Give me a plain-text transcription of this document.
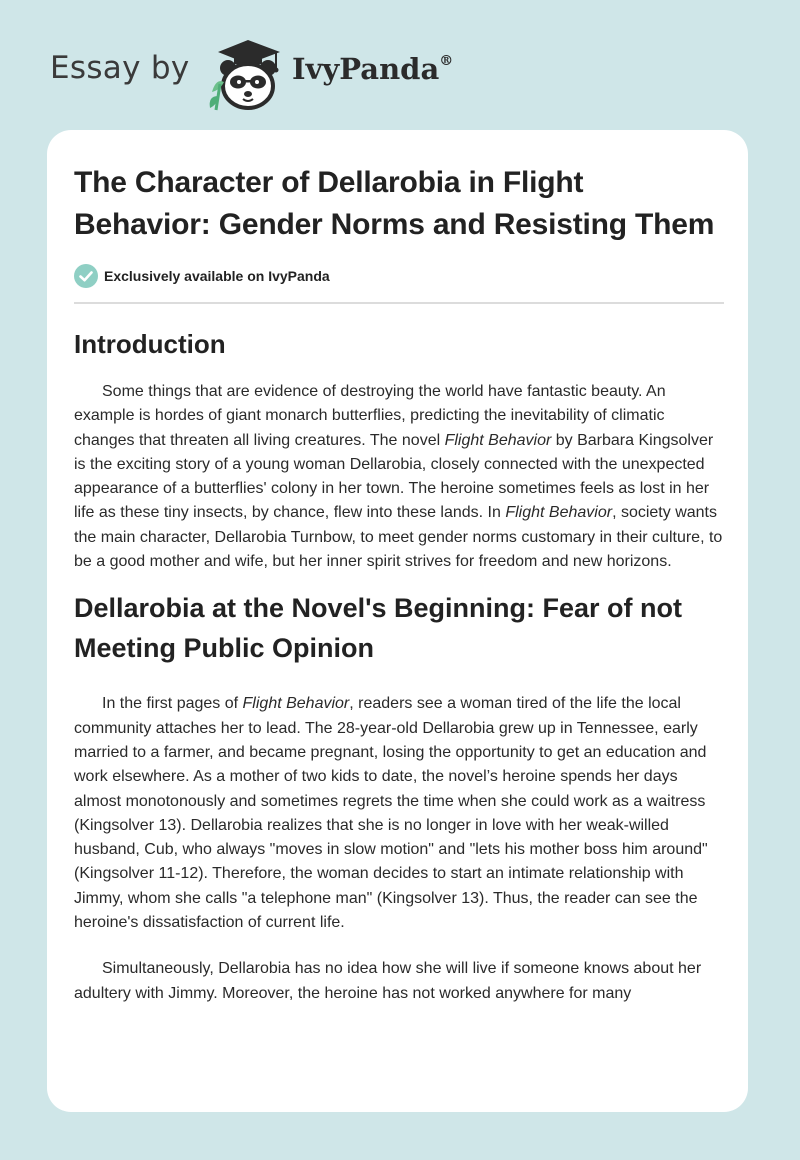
Essay by	IvyPanda®
The Character of Dellarobia in Flight Behavior: Gender Norms and Resisting Them
Exclusively available on IvyPanda
Introduction

Some things that are evidence of destroying the world have fantastic beauty. An example is hordes of giant monarch butterflies, predicting the inevitability of climatic changes that threaten all living creatures. The novel Flight Behavior by Barbara Kingsolver is the exciting story of a young woman Dellarobia, closely connected with the unexpected appearance of a butterflies' colony in her town. The heroine sometimes feels as lost in her life as these tiny insects, by chance, flew into these lands. In Flight Behavior, society wants the main character, Dellarobia Turnbow, to meet gender norms customary in their culture, to be a good mother and wife, but her inner spirit strives for freedom and new horizons.

Dellarobia at the Novel's Beginning: Fear of not Meeting Public Opinion

In the first pages of Flight Behavior, readers see a woman tired of the life the local community attaches her to lead. The 28-year-old Dellarobia grew up in Tennessee, early married to a farmer, and became pregnant, losing the opportunity to get an education and work elsewhere. As a mother of two kids to date, the novel’s heroine spends her days almost monotonously and sometimes regrets the time when she could work as a waitress (Kingsolver 13). Dellarobia realizes that she is no longer in love with her weak-willed husband, Cub, who always "moves in slow motion" and "lets his mother boss him around" (Kingsolver 11-12). Therefore, the woman decides to start an intimate relationship with Jimmy, whom she calls "a telephone man" (Kingsolver 13). Thus, the reader can see the heroine's dissatisfaction of current life.

Simultaneously, Dellarobia has no idea how she will live if someone knows about her adultery with Jimmy. Moreover, the heroine has not worked anywhere for many
